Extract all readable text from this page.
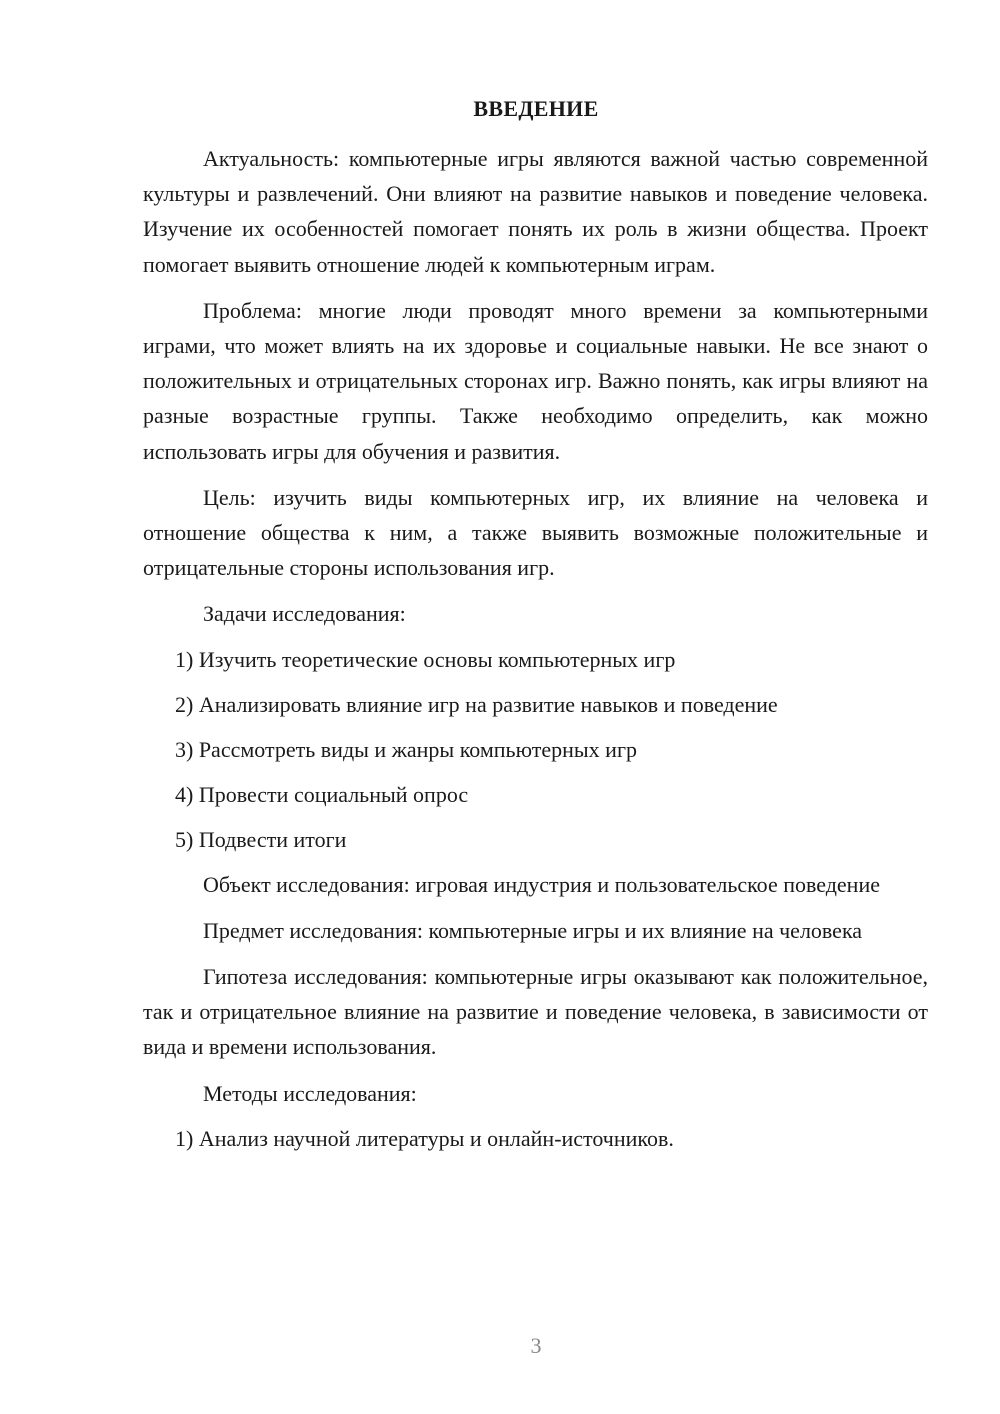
ВВЕДЕНИЕ

Актуальность: компьютерные игры являются важной частью современной культуры и развлечений. Они влияют на развитие навыков и поведение человека. Изучение их особенностей помогает понять их роль в жизни общества. Проект помогает выявить отношение людей к компьютерным играм.

Проблема: многие люди проводят много времени за компьютерными играми, что может влиять на их здоровье и социальные навыки. Не все знают о положительных и отрицательных сторонах игр. Важно понять, как игры влияют на разные возрастные группы. Также необходимо определить, как можно использовать игры для обучения и развития.

Цель: изучить виды компьютерных игр, их влияние на человека и отношение общества к ним, а также выявить возможные положительные и отрицательные стороны использования игр.

Задачи исследования:

1) Изучить теоретические основы компьютерных игр

2) Анализировать влияние игр на развитие навыков и поведение

3) Рассмотреть виды и жанры компьютерных игр

4) Провести социальный опрос

5) Подвести итоги

Объект исследования: игровая индустрия и пользовательское поведение

Предмет исследования: компьютерные игры и их влияние на человека

Гипотеза исследования: компьютерные игры оказывают как положительное, так и отрицательное влияние на развитие и поведение человека, в зависимости от вида и времени использования.

Методы исследования:

1) Анализ научной литературы и онлайн-источников.

3
